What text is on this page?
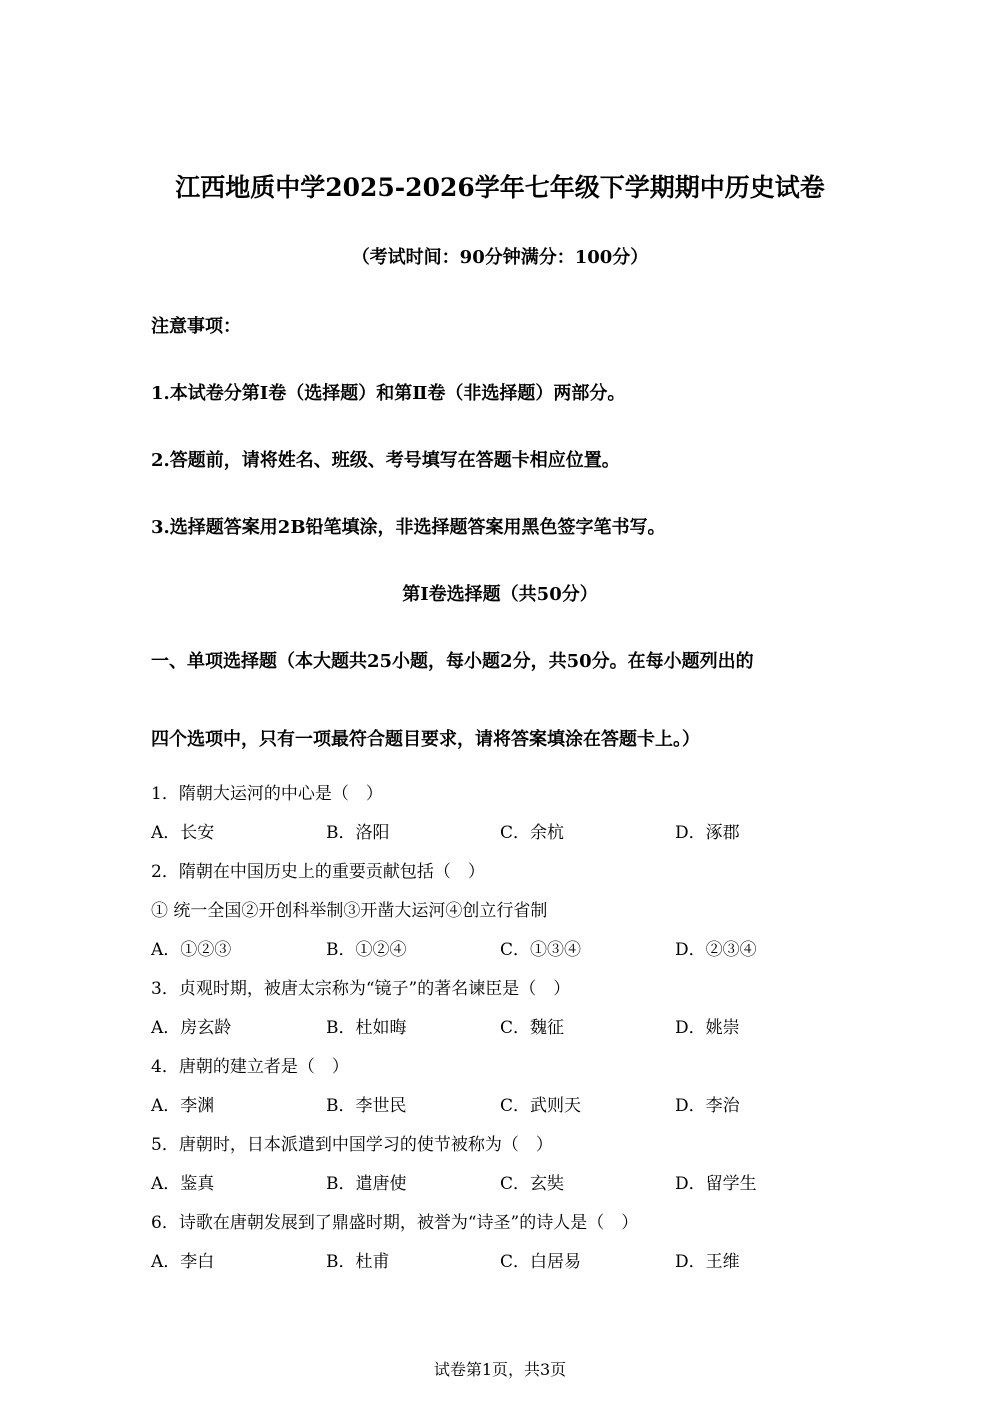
江西地质中学2025-2026学年七年级下学期期中历史试卷
（考试时间：90分钟满分：100分）
注意事项：
1.本试卷分第Ⅰ卷（选择题）和第Ⅱ卷（非选择题）两部分。
2.答题前，请将姓名、班级、考号填写在答题卡相应位置。
3.选择题答案用2B铅笔填涂，非选择题答案用黑色签字笔书写。
第Ⅰ卷选择题（共50分）
一、单项选择题（本大题共25小题，每小题2分，共50分。在每小题列出的
四个选项中，只有一项最符合题目要求，请将答案填涂在答题卡上。）
1．隋朝大运河的中心是（　）
A．长安	B．洛阳	C．余杭	D．涿郡
2．隋朝在中国历史上的重要贡献包括（　）
① 统一全国②开创科举制③开凿大运河④创立行省制
A．①②③	B．①②④	C．①③④	D．②③④
3．贞观时期，被唐太宗称为“镜子”的著名谏臣是（　）
A．房玄龄	B．杜如晦	C．魏征	D．姚崇
4．唐朝的建立者是（　）
A．李渊	B．李世民	C．武则天	D．李治
5．唐朝时，日本派遣到中国学习的使节被称为（　）
A．鉴真	B．遣唐使	C．玄奘	D．留学生
6．诗歌在唐朝发展到了鼎盛时期，被誉为“诗圣”的诗人是（　）
A．李白	B．杜甫	C．白居易	D．王维
试卷第1页，共3页
